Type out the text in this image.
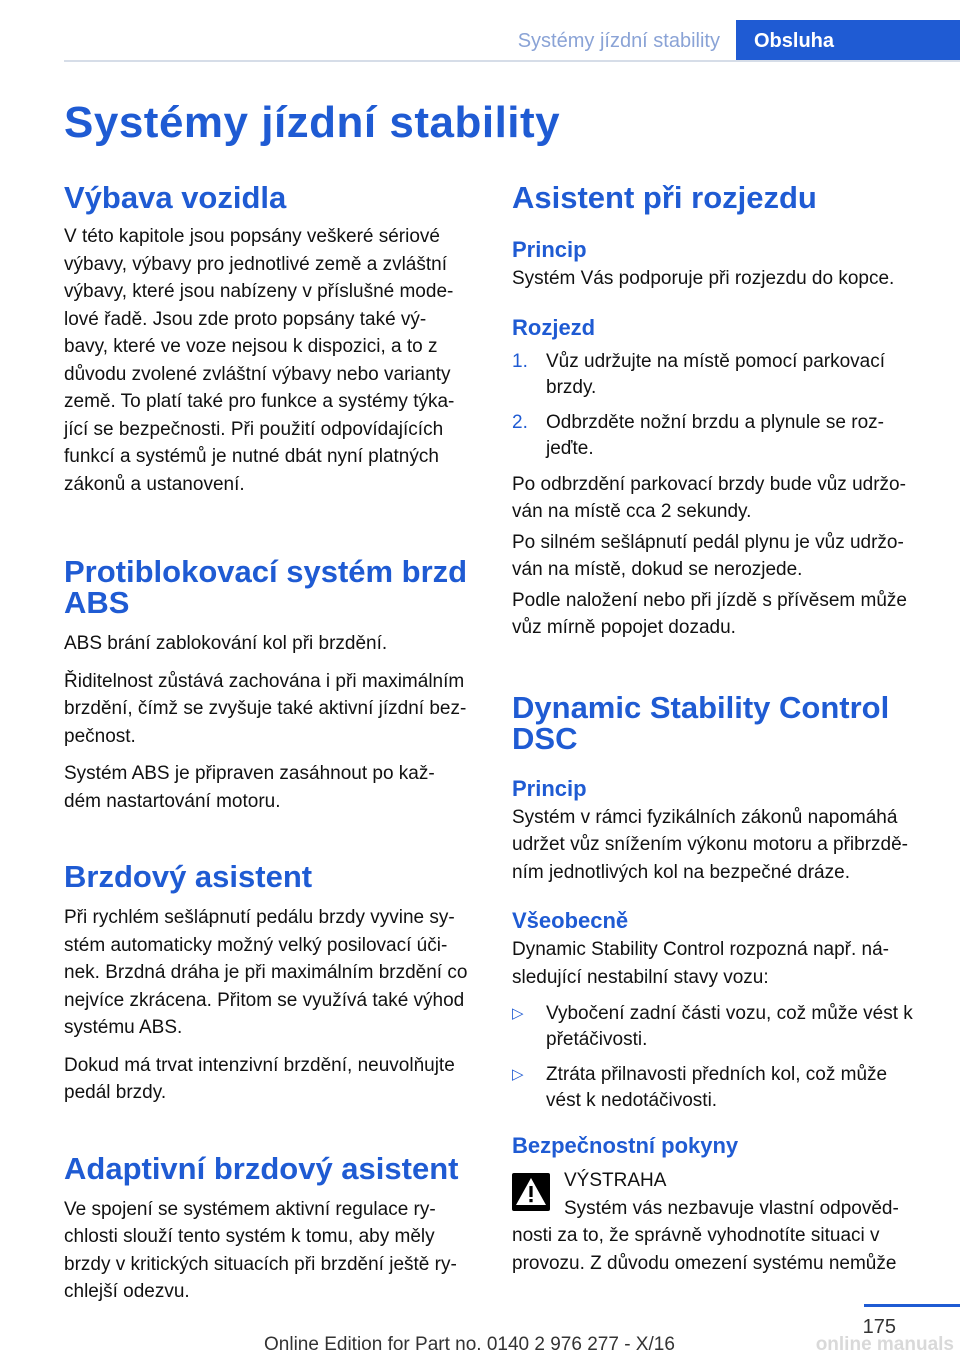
Systémy jízdní stability	Obsluha
Systémy jízdní stability
Výbava vozidla

V této kapitole jsou popsány veškeré sériové
výbavy, výbavy pro jednotlivé země a zvláštní
výbavy, které jsou nabízeny v příslušné mode‐
lové řadě. Jsou zde proto popsány také vý‐
bavy, které ve voze nejsou k dispozici, a to z
důvodu zvolené zvláštní výbavy nebo varianty
země. To platí také pro funkce a systémy týka‐
jící se bezpečnosti. Při použití odpovídajících
funkcí a systémů je nutné dbát nyní platných
zákonů a ustanovení.

Protiblokovací systém brzd
ABS

ABS brání zablokování kol při brzdění.

Řiditelnost zůstává zachována i při maximálním
brzdění, čímž se zvyšuje také aktivní jízdní bez‐
pečnost.

Systém ABS je připraven zasáhnout po kaž‐
dém nastartování motoru.

Brzdový asistent

Při rychlém sešlápnutí pedálu brzdy vyvine sy‐
stém automaticky možný velký posilovací úči‐
nek. Brzdná dráha je při maximálním brzdění co
nejvíce zkrácena. Přitom se využívá také výhod
systému ABS.

Dokud má trvat intenzivní brzdění, neuvolňujte
pedál brzdy.

Adaptivní brzdový asistent

Ve spojení se systémem aktivní regulace ry‐
chlosti slouží tento systém k tomu, aby měly
brzdy v kritických situacích při brzdění ještě ry‐
chlejší odezvu.

Asistent při rozjezdu
Princip

Systém Vás podporuje při rozjezdu do kopce.

Rozjezd
1. Vůz udržujte na místě pomocí parkovací
brzdy.
2. Odbrzděte nožní brzdu a plynule se roz‐
jeďte.

Po odbrzdění parkovací brzdy bude vůz udržo‐
ván na místě cca 2 sekundy.

Po silném sešlápnutí pedál plynu je vůz udržo‐
ván na místě, dokud se nerozjede.

Podle naložení nebo při jízdě s přívěsem může
vůz mírně popojet dozadu.

Dynamic Stability Control
DSC
Princip

Systém v rámci fyzikálních zákonů napomáhá
udržet vůz snížením výkonu motoru a přibrzdě‐
ním jednotlivých kol na bezpečné dráze.

Všeobecně

Dynamic Stability Control rozpozná např. ná‐
sledující nestabilní stavy vozu:

▷ Vybočení zadní části vozu, což může vést k
přetáčivosti.
▷ Ztráta přilnavosti předních kol, což může
vést k nedotáčivosti.
Bezpečnostní pokyny

VÝSTRAHA
Systém vás nezbavuje vlastní odpověd‐
nosti za to, že správně vyhodnotíte situaci v
provozu. Z důvodu omezení systému nemůže

175
online manuals
Online Edition for Part no. 0140 2 976 277 - X/16
